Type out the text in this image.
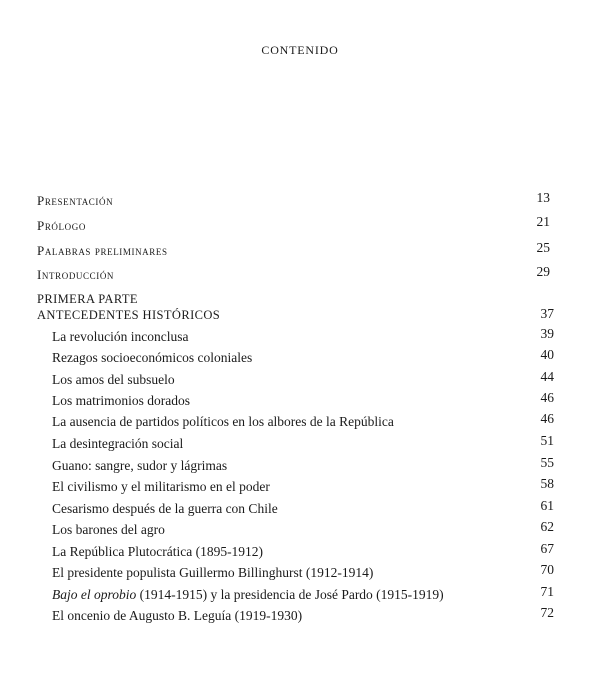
CONTENIDO
Presentación	13
Prólogo	21
Palabras preliminares	25
Introducción	29
PRIMERA PARTE
ANTECEDENTES HISTÓRICOS	37
La revolución inconclusa	39
Rezagos socioeconómicos coloniales	40
Los amos del subsuelo	44
Los matrimonios dorados	46
La ausencia de partidos políticos en los albores de la República	46
La desintegración social	51
Guano: sangre, sudor y lágrimas	55
El civilismo y el militarismo en el poder	58
Cesarismo después de la guerra con Chile	61
Los barones del agro	62
La República Plutocrática (1895-1912)	67
El presidente populista Guillermo Billinghurst (1912-1914)	70
Bajo el oprobio (1914-1915) y la presidencia de José Pardo (1915-1919)	71
El oncenio de Augusto B. Leguía (1919-1930)	72
